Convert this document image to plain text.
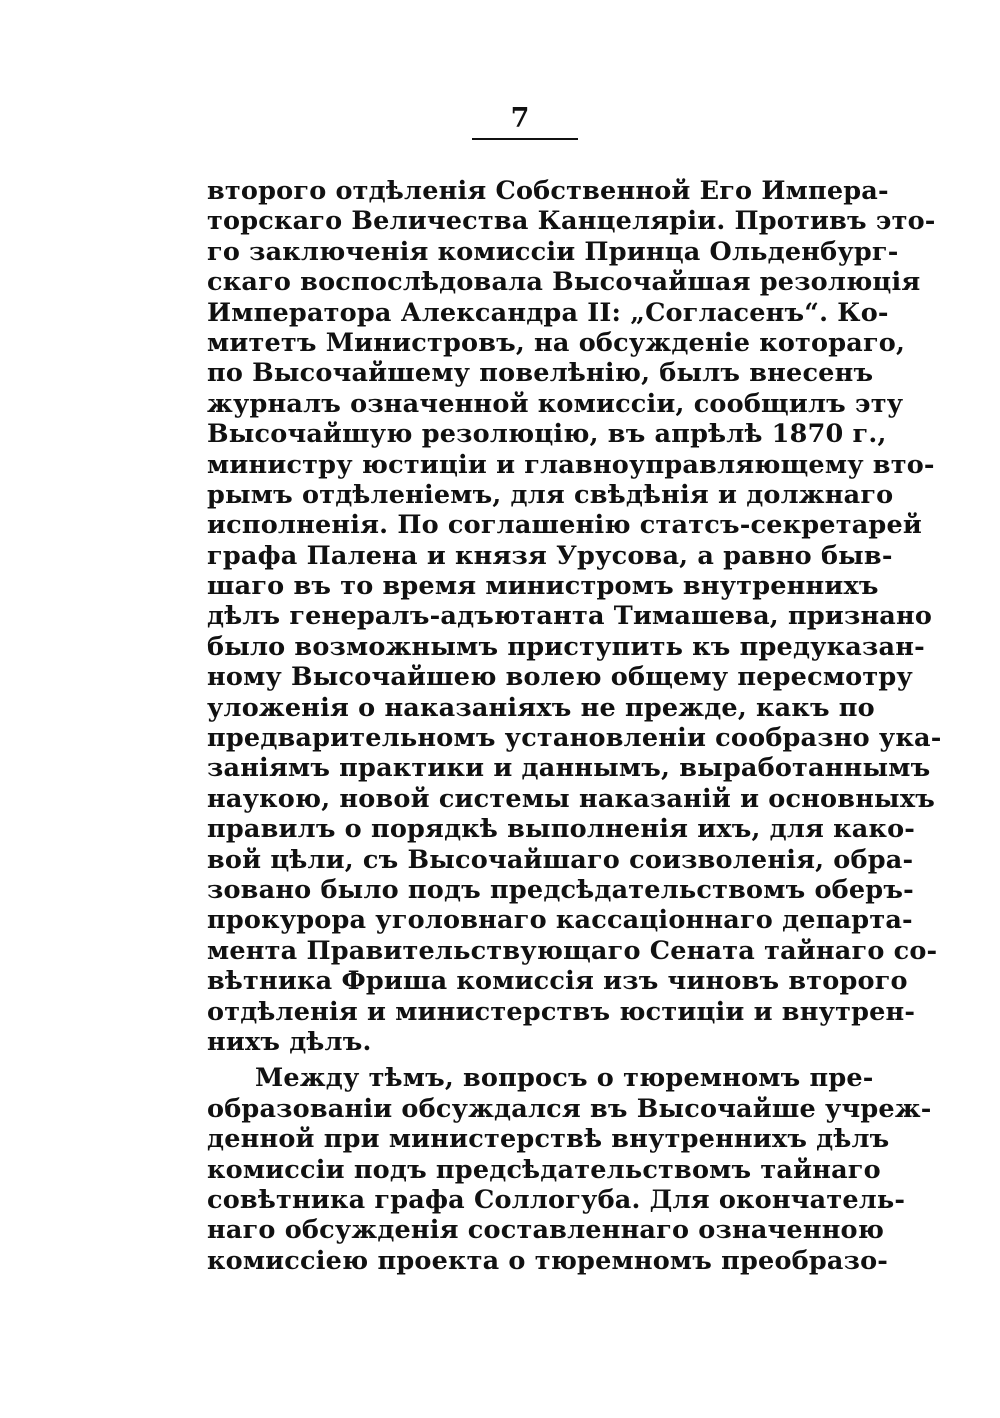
7
второго отдѣленія Собственной Его Импера-
торскаго Величества Канцеляріи. Противъ это-
го заключенія комиссіи Принца Ольденбург-
скаго воспослѣдовала Высочайшая резолюція
Императора Александра II: „Согласенъ“. Ко-
митетъ Министровъ, на обсужденіе котораго,
по Высочайшему повелѣнію, былъ внесенъ
журналъ означенной комиссіи, сообщилъ эту
Высочайшую резолюцію, въ апрѣлѣ 1870 г.,
министру юстиціи и главноуправляющему вто-
рымъ отдѣленіемъ, для свѣдѣнія и должнаго
исполненія. По соглашенію статсъ-секретарей
графа Палена и князя Урусова, а равно быв-
шаго въ то время министромъ внутреннихъ
дѣлъ генералъ-адъютанта Тимашева, признано
было возможнымъ приступить къ предуказан-
ному Высочайшею волею общему пересмотру
уложенія о наказаніяхъ не прежде, какъ по
предварительномъ установленіи сообразно ука-
заніямъ практики и даннымъ, выработаннымъ
наукою, новой системы наказаній и основныхъ
правилъ о порядкѣ выполненія ихъ, для како-
вой цѣли, съ Высочайшаго соизволенія, обра-
зовано было подъ предсѣдательствомъ оберъ-
прокурора уголовнаго кассаціоннаго департа-
мента Правительствующаго Сената тайнаго со-
вѣтника Фриша комиссія изъ чиновъ второго
отдѣленія и министерствъ юстиціи и внутрен-
нихъ дѣлъ.
Между тѣмъ, вопросъ о тюремномъ пре-
образованіи обсуждался въ Высочайше учреж-
денной при министерствѣ внутреннихъ дѣлъ
комиссіи подъ предсѣдательствомъ тайнаго
совѣтника графа Соллогуба. Для окончатель-
наго обсужденія составленнаго означенною
комиссіею проекта о тюремномъ преобразо-
